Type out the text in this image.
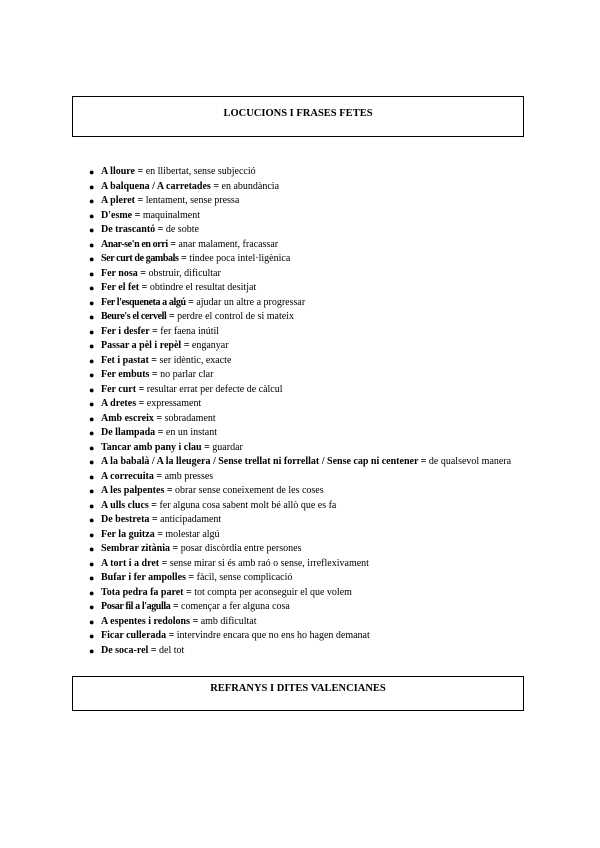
LOCUCIONS I FRASES FETES
● A lloure = en llibertat, sense subjecció
● A balquena / A carretades = en abundància
● A pleret = lentament, sense pressa
● D'esme = maquinalment
● De trascantó = de sobte
● Anar-se'n en orri = anar malament, fracassar
● Ser curt de gambals = tindee poca intel·ligènica
● Fer nosa = obstruir, dificultar
● Fer el fet = obtindre el resultat desitjat
● Fer l'esqueneta a algú = ajudar un altre a progressar
● Beure's el cervell = perdre el control de si mateix
● Fer i desfer = fer faena inútil
● Passar a pèl i repèl = enganyar
● Fet i pastat = ser idèntic, exacte
● Fer embuts = no parlar clar
● Fer curt = resultar errat per defecte de càlcul
● A dretes = expressament
● Amb escreix = sobradament
● De llampada = en un instant
● Tancar amb pany i clau = guardar
● A la babalà / A la lleugera / Sense trellat ni forrellat / Sense cap ni centener = de qualsevol manera
● A correcuita = amb presses
● A les palpentes = obrar sense coneixement de les coses
● A ulls clucs = fer alguna cosa sabent molt bé allò que es fa
● De bestreta = anticipadament
● Fer la guitza = molestar algú
● Sembrar zitània = posar discòrdia entre persones
● A tort i a dret = sense mirar si és amb raó o sense, irreflexivament
● Bufar i fer ampolles = fàcil, sense complicació
● Tota pedra fa paret = tot compta per aconseguir el que volem
● Posar fil a l'agulla = començar a fer alguna cosa
● A espentes i redolons = amb dificultat
● Ficar cullerada = intervindre encara que no ens ho hagen demanat
● De soca-rel = del tot
REFRANYS I DITES VALENCIANES
